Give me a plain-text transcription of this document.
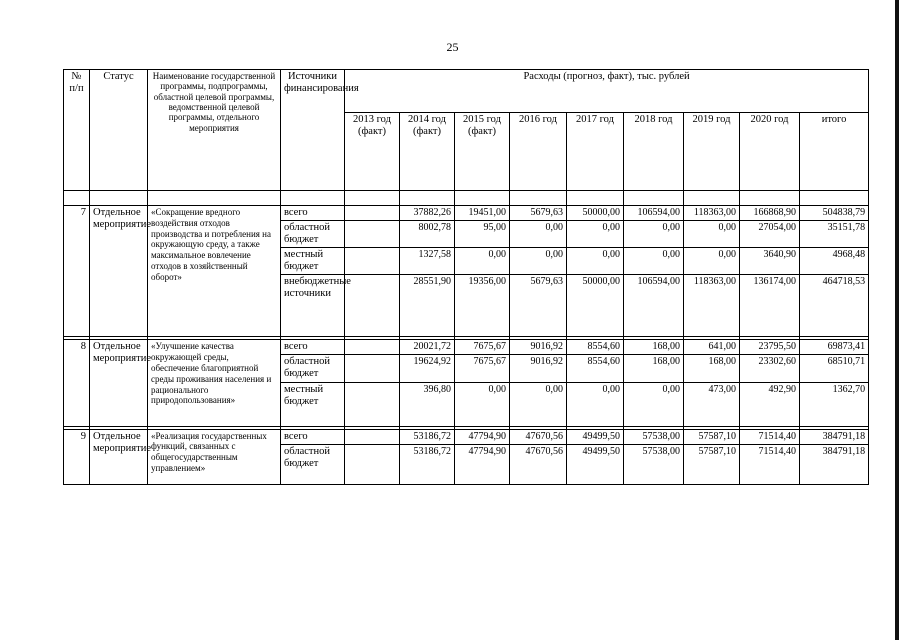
25
№ п/п	Статус	Наименование государственной программы, подпрограммы, областной целевой программы, ведомственной целевой программы, отдельного мероприятия	Источники финансирования	Расходы (прогноз, факт), тыс. рублей								
				2013 год (факт)	2014 год (факт)	2015 год (факт)	2016 год	2017 год	2018 год	2019 год	2020 год	итого

7	Отдельное мероприятие	«Сокращение вредного воздействия отходов производства и потребления на окружающую среду, а также максимальное вовлечение отходов в хозяйственный оборот»	всего		37882,26	19451,00	5679,63	50000,00	106594,00	118363,00	166868,90	504838,79
			областной бюджет		8002,78	95,00	0,00	0,00	0,00	0,00	27054,00	35151,78
			местный бюджет		1327,58	0,00	0,00	0,00	0,00	0,00	3640,90	4968,48
			внебюджетные источники		28551,90	19356,00	5679,63	50000,00	106594,00	118363,00	136174,00	464718,53

8	Отдельное мероприятие	«Улучшение качества окружающей среды, обеспечение благоприятной среды проживания населения и рационального природопользования»	всего		20021,72	7675,67	9016,92	8554,60	168,00	641,00	23795,50	69873,41
			областной бюджет		19624,92	7675,67	9016,92	8554,60	168,00	168,00	23302,60	68510,71
			местный бюджет		396,80	0,00	0,00	0,00	0,00	473,00	492,90	1362,70

9	Отдельное мероприятие	«Реализация государственных функций, связанных с общегосударственным управлением»	всего		53186,72	47794,90	47670,56	49499,50	57538,00	57587,10	71514,40	384791,18
			областной бюджет		53186,72	47794,90	47670,56	49499,50	57538,00	57587,10	71514,40	384791,18
